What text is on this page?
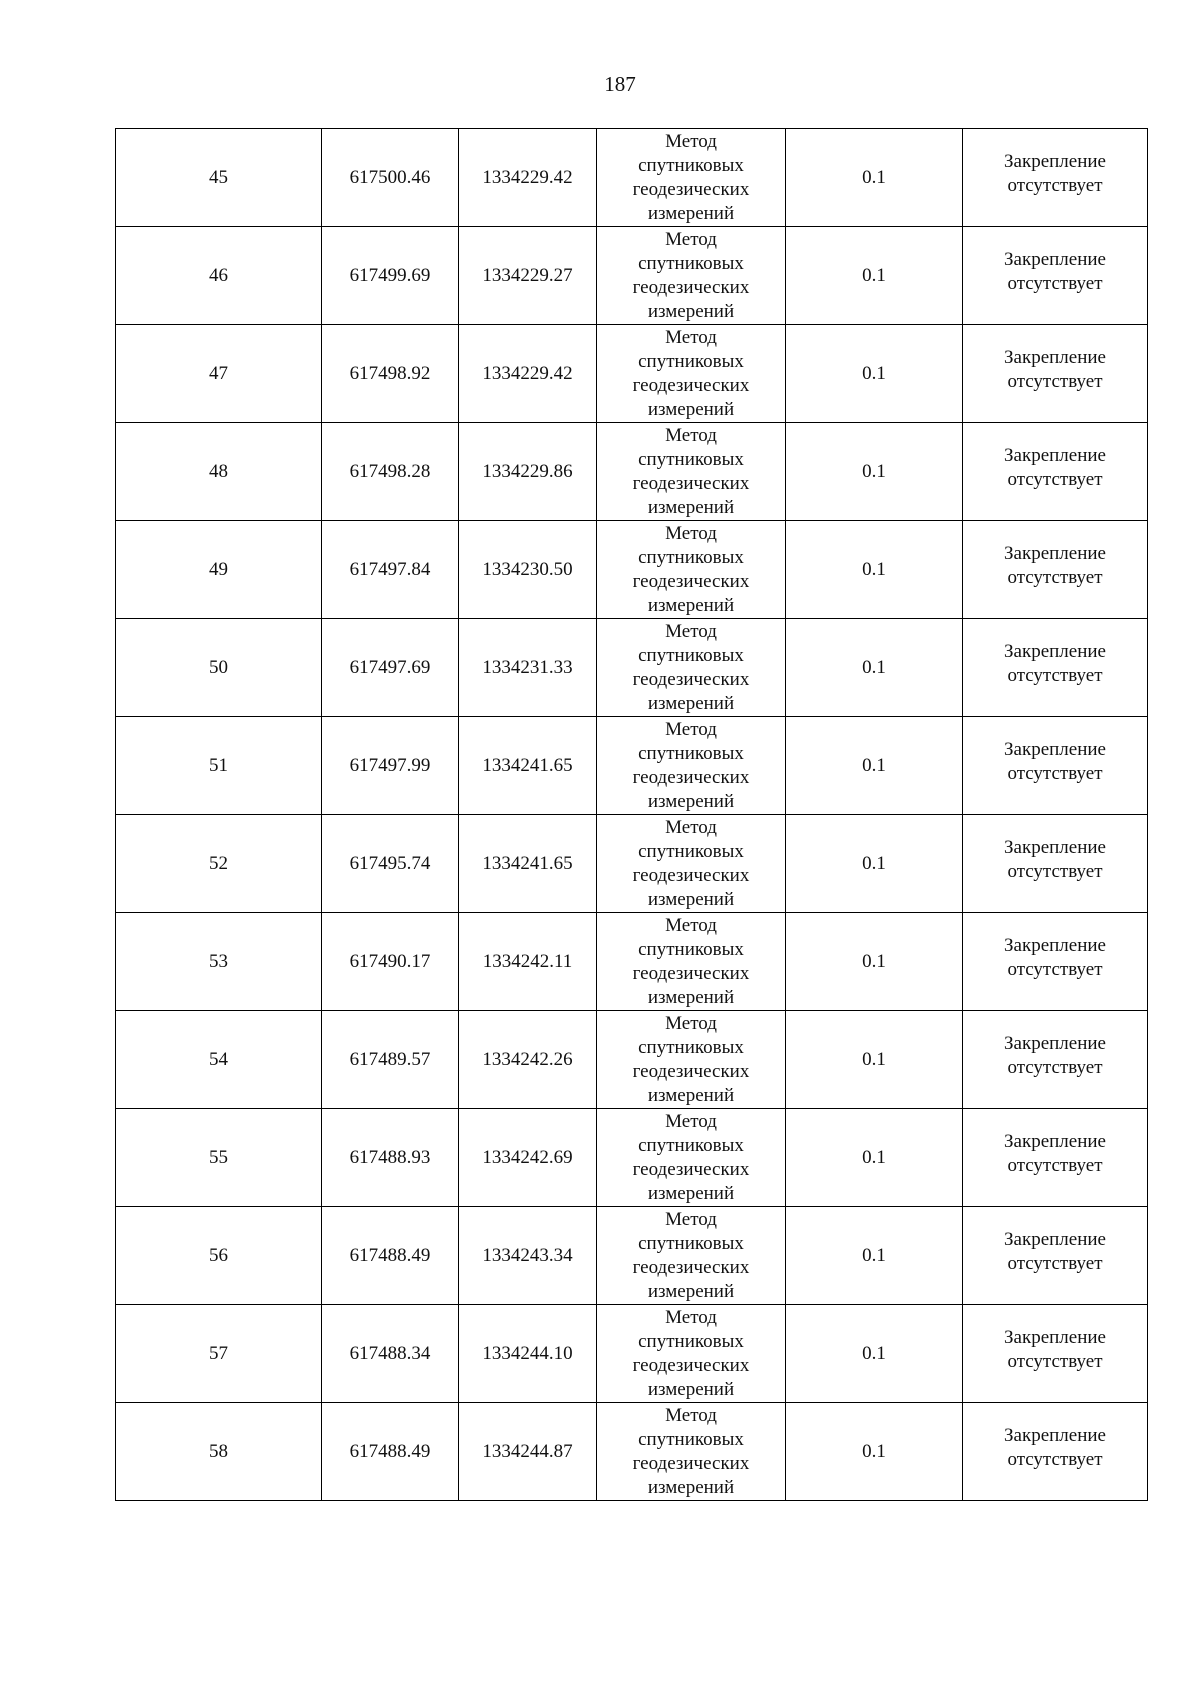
187
45	617500.46	1334229.42	Метод
спутниковых
геодезических
измерений	0.1	Закрепление
отсутствует

46	617499.69	1334229.27	Метод
спутниковых
геодезических
измерений	0.1	Закрепление
отсутствует

47	617498.92	1334229.42	Метод
спутниковых
геодезических
измерений	0.1	Закрепление
отсутствует

48	617498.28	1334229.86	Метод
спутниковых
геодезических
измерений	0.1	Закрепление
отсутствует

49	617497.84	1334230.50	Метод
спутниковых
геодезических
измерений	0.1	Закрепление
отсутствует

50	617497.69	1334231.33	Метод
спутниковых
геодезических
измерений	0.1	Закрепление
отсутствует

51	617497.99	1334241.65	Метод
спутниковых
геодезических
измерений	0.1	Закрепление
отсутствует

52	617495.74	1334241.65	Метод
спутниковых
геодезических
измерений	0.1	Закрепление
отсутствует

53	617490.17	1334242.11	Метод
спутниковых
геодезических
измерений	0.1	Закрепление
отсутствует

54	617489.57	1334242.26	Метод
спутниковых
геодезических
измерений	0.1	Закрепление
отсутствует

55	617488.93	1334242.69	Метод
спутниковых
геодезических
измерений	0.1	Закрепление
отсутствует

56	617488.49	1334243.34	Метод
спутниковых
геодезических
измерений	0.1	Закрепление
отсутствует

57	617488.34	1334244.10	Метод
спутниковых
геодезических
измерений	0.1	Закрепление
отсутствует

58	617488.49	1334244.87	Метод
спутниковых
геодезических
измерений	0.1	Закрепление
отсутствует
